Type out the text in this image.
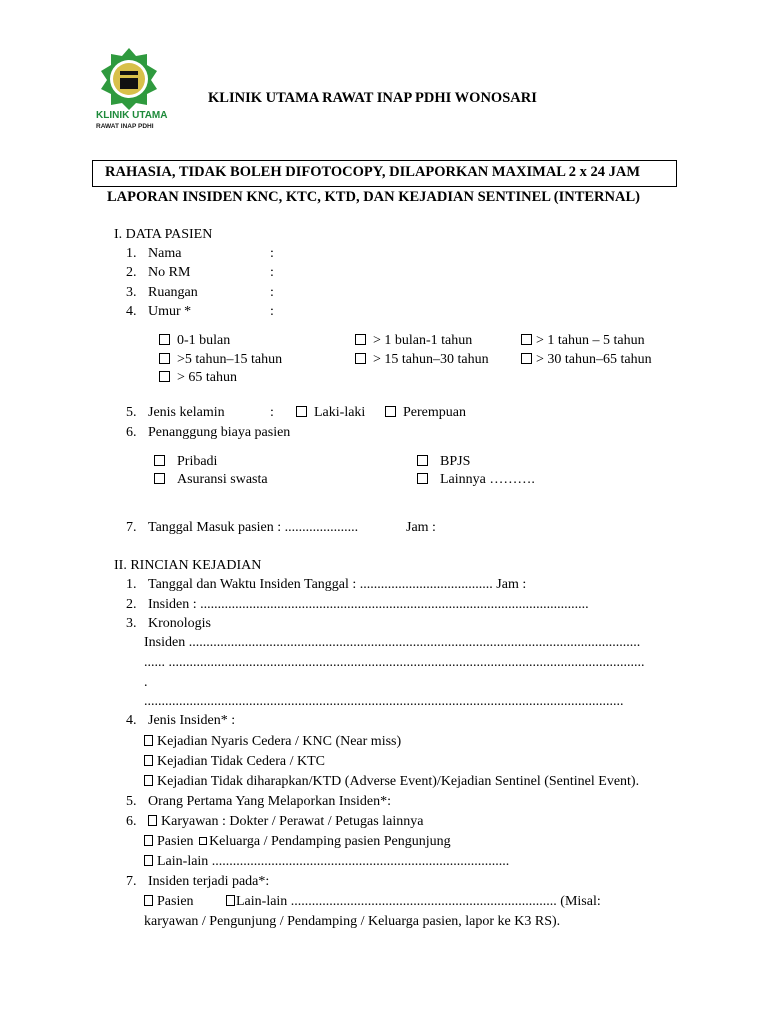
KLINIK UTAMA
RAWAT INAP PDHI
KLINIK UTAMA RAWAT INAP PDHI WONOSARI
RAHASIA, TIDAK BOLEH DIFOTOCOPY, DILAPORKAN MAXIMAL 2 x 24 JAM
LAPORAN INSIDEN KNC, KTC, KTD, DAN KEJADIAN SENTINEL (INTERNAL)
I. DATA PASIEN
1. Nama	:
2. No RM	:
3. Ruangan	:
4. Umur *	:
0-1 bulan	> 1 bulan-1 tahun	> 1 tahun – 5 tahun
>5 tahun–15 tahun	> 15 tahun–30 tahun	> 30 tahun–65 tahun
> 65 tahun
5. Jenis kelamin	:	Laki-laki	Perempuan
6. Penanggung biaya pasien
Pribadi	BPJS
Asuransi swasta	Lainnya ……….
7. Tanggal Masuk pasien : .....................	Jam :
II. RINCIAN KEJADIAN
1. Tanggal dan Waktu Insiden Tanggal : ...................................... Jam :
2. Insiden : ...............................................................................................................
3. Kronologis
Insiden .................................................................................................................................
...... ........................................................................................................................................
.
.........................................................................................................................................
4. Jenis Insiden* :
Kejadian Nyaris Cedera / KNC (Near miss)
Kejadian Tidak Cedera / KTC
Kejadian Tidak diharapkan/KTD (Adverse Event)/Kejadian Sentinel (Sentinel Event).
5. Orang Pertama Yang Melaporkan Insiden*:
6. Karyawan : Dokter / Perawat / Petugas lainnya
Pasien Keluarga / Pendamping pasien Pengunjung
Lain-lain .....................................................................................
7. Insiden terjadi pada*:
Pasien	Lain-lain ............................................................................ (Misal:
karyawan / Pengunjung / Pendamping / Keluarga pasien, lapor ke K3 RS).
